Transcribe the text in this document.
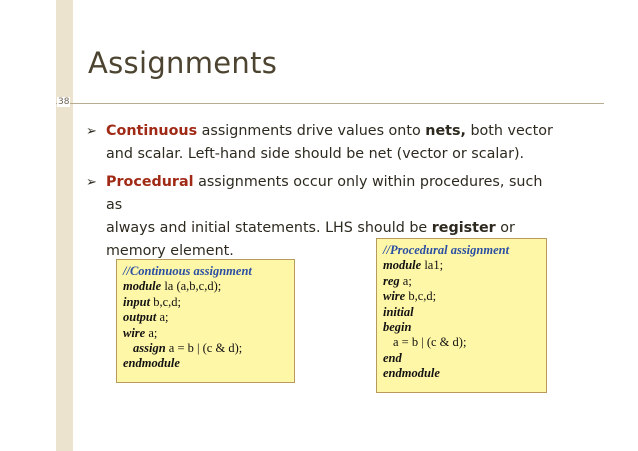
Assignments
38
➢ Continuous assignments drive values onto nets, both vector
and scalar. Left-hand side should be net (vector or scalar).
➢ Procedural assignments occur only within procedures, such as
always and initial statements. LHS should be register or
memory element.
//Continuous assignment
module la (a,b,c,d);
input b,c,d;
output a;
wire a;
assign a = b | (c & d);
endmodule
//Procedural assignment
module la1;
reg a;
wire b,c,d;
initial
begin
a = b | (c & d);
end
endmodule
